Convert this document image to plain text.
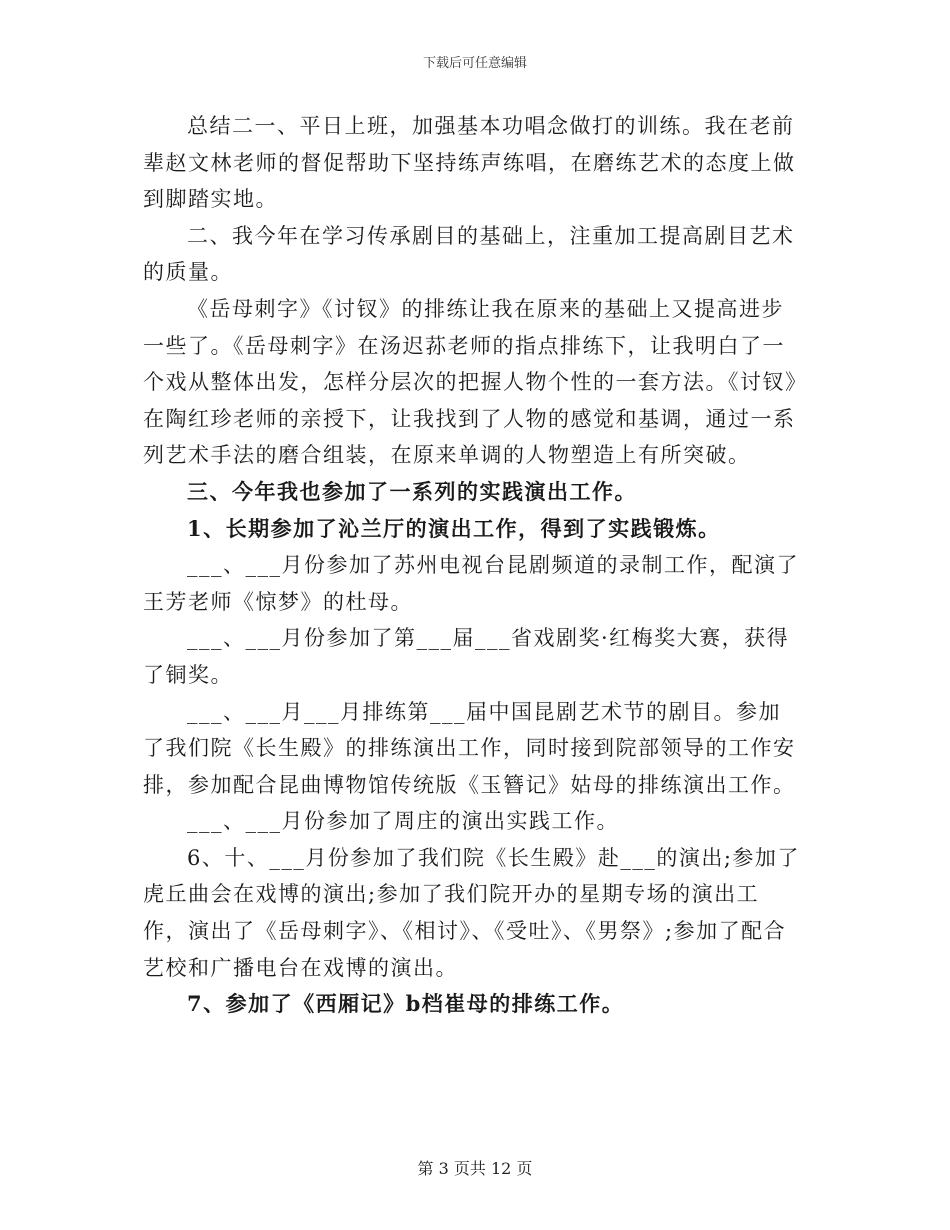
下载后可任意编辑

总结二一、平日上班，加强基本功唱念做打的训练。我在老前辈赵文林老师的督促帮助下坚持练声练唱，在磨练艺术的态度上做到脚踏实地。

二、我今年在学习传承剧目的基础上，注重加工提高剧目艺术的质量。

《岳母刺字》《讨钗》的排练让我在原来的基础上又提高进步一些了。《岳母刺字》在汤迟荪老师的指点排练下，让我明白了一个戏从整体出发，怎样分层次的把握人物个性的一套方法。《讨钗》在陶红珍老师的亲授下，让我找到了人物的感觉和基调，通过一系列艺术手法的磨合组装，在原来单调的人物塑造上有所突破。

三、今年我也参加了一系列的实践演出工作。

1、长期参加了沁兰厅的演出工作，得到了实践锻炼。

___、___月份参加了苏州电视台昆剧频道的录制工作，配演了王芳老师《惊梦》的杜母。

___、___月份参加了第___届___省戏剧奖·红梅奖大赛，获得了铜奖。

___、___月___月排练第___届中国昆剧艺术节的剧目。参加了我们院《长生殿》的排练演出工作，同时接到院部领导的工作安排，参加配合昆曲博物馆传统版《玉簪记》姑母的排练演出工作。

___、___月份参加了周庄的演出实践工作。

6、十、___月份参加了我们院《长生殿》赴___的演出;参加了虎丘曲会在戏博的演出;参加了我们院开办的星期专场的演出工作，演出了《岳母刺字》、《相讨》、《受吐》、《男祭》;参加了配合艺校和广播电台在戏博的演出。

7、参加了《西厢记》b档崔母的排练工作。

第 3 页共 12 页
